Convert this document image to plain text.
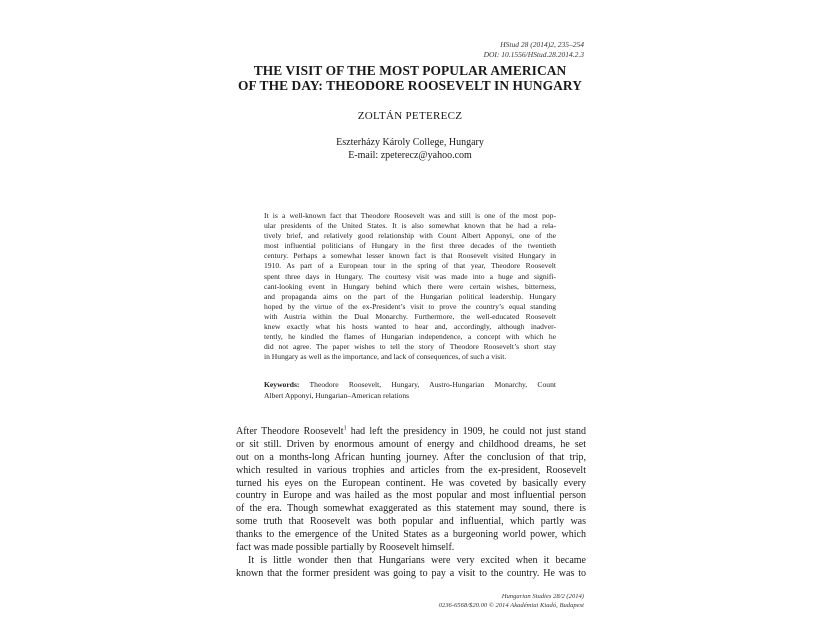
HStud 28 (2014)2, 235–254
DOI: 10.1556/HStud.28.2014.2.3
THE VISIT OF THE MOST POPULAR AMERICAN
OF THE DAY: THEODORE ROOSEVELT IN HUNGARY
ZOLTÁN PETERECZ
Eszterházy Károly College, Hungary
E-mail: zpeterecz@yahoo.com
It is a well-known fact that Theodore Roosevelt was and still is one of the most pop-
ular presidents of the United States. It is also somewhat known that he had a rela-
tively brief, and relatively good relationship with Count Albert Apponyi, one of the
most influential politicians of Hungary in the first three decades of the twentieth
century. Perhaps a somewhat lesser known fact is that Roosevelt visited Hungary in
1910. As part of a European tour in the spring of that year, Theodore Roosevelt
spent three days in Hungary. The courtesy visit was made into a huge and signifi-
cant-looking event in Hungary behind which there were certain wishes, bitterness,
and propaganda aims on the part of the Hungarian political leadership. Hungary
hoped by the virtue of the ex-President’s visit to prove the country’s equal standing
with Austria within the Dual Monarchy. Furthermore, the well-educated Roosevelt
knew exactly what his hosts wanted to hear and, accordingly, although inadver-
tently, he kindled the flames of Hungarian independence, a concept with which he
did not agree. The paper wishes to tell the story of Theodore Roosevelt’s short stay
in Hungary as well as the importance, and lack of consequences, of such a visit.
Keywords: Theodore Roosevelt, Hungary, Austro-Hungarian Monarchy, Count
Albert Apponyi, Hungarian–American relations
After Theodore Roosevelt$^1$ had left the presidency in 1909, he could not just stand
or sit still. Driven by enormous amount of energy and childhood dreams, he set
out on a months-long African hunting journey. After the conclusion of that trip,
which resulted in various trophies and articles from the ex-president, Roosevelt
turned his eyes on the European continent. He was coveted by basically every
country in Europe and was hailed as the most popular and most influential person
of the era. Though somewhat exaggerated as this statement may sound, there is
some truth that Roosevelt was both popular and influential, which partly was
thanks to the emergence of the United States as a burgeoning world power, which
fact was made possible partially by Roosevelt himself.
It is little wonder then that Hungarians were very excited when it became
known that the former president was going to pay a visit to the country. He was to
Hungarian Studies 28/2 (2014)
0236-6568/$20.00 © 2014 Akadémiai Kiadó, Budapest
